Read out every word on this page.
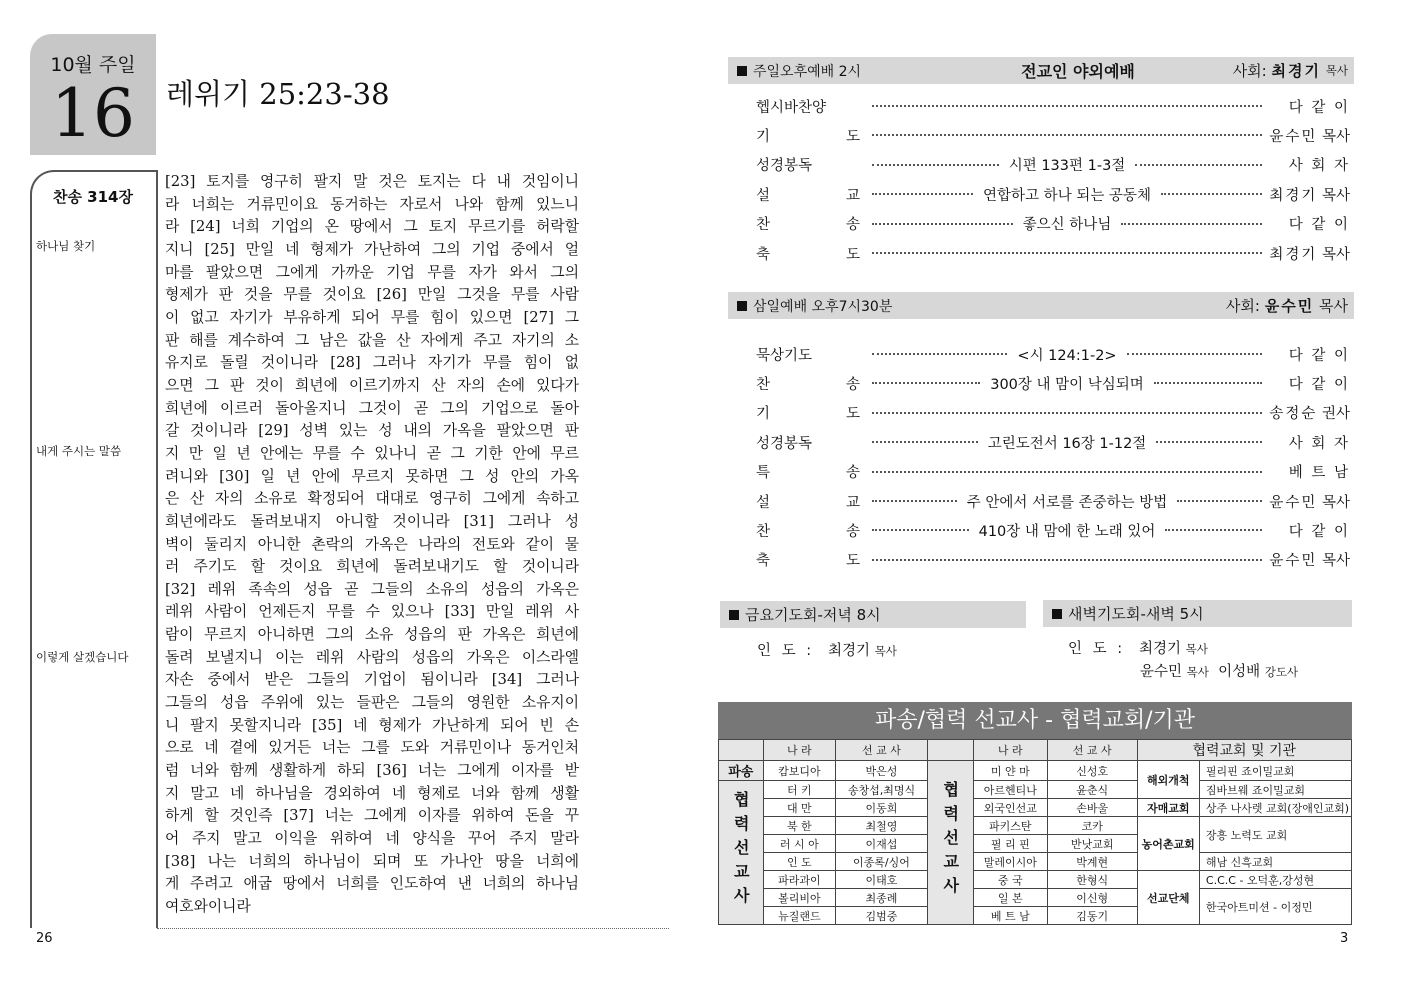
10월 주일
16	레위기 25:23-38
찬송 314장
하나님 찾기
내게 주시는 말씀
이렇게 살겠습니다
[23] 토지를 영구히 팔지 말 것은 토지는 다 내 것임이니
라 너희는 거류민이요 동거하는 자로서 나와 함께 있느니
라 [24] 너희 기업의 온 땅에서 그 토지 무르기를 허락할
지니 [25] 만일 네 형제가 가난하여 그의 기업 중에서 얼
마를 팔았으면 그에게 가까운 기업 무를 자가 와서 그의
형제가 판 것을 무를 것이요 [26] 만일 그것을 무를 사람
이 없고 자기가 부유하게 되어 무를 힘이 있으면 [27] 그
판 해를 계수하여 그 남은 값을 산 자에게 주고 자기의 소
유지로 돌릴 것이니라 [28] 그러나 자기가 무를 힘이 없
으면 그 판 것이 희년에 이르기까지 산 자의 손에 있다가
희년에 이르러 돌아올지니 그것이 곧 그의 기업으로 돌아
갈 것이니라 [29] 성벽 있는 성 내의 가옥을 팔았으면 판
지 만 일 년 안에는 무를 수 있나니 곧 그 기한 안에 무르
려니와 [30] 일 년 안에 무르지 못하면 그 성 안의 가옥
은 산 자의 소유로 확정되어 대대로 영구히 그에게 속하고
희년에라도 돌려보내지 아니할 것이니라 [31] 그러나 성
벽이 둘리지 아니한 촌락의 가옥은 나라의 전토와 같이 물
러 주기도 할 것이요 희년에 돌려보내기도 할 것이니라
[32] 레위 족속의 성읍 곧 그들의 소유의 성읍의 가옥은
레위 사람이 언제든지 무를 수 있으나 [33] 만일 레위 사
람이 무르지 아니하면 그의 소유 성읍의 판 가옥은 희년에
돌려 보낼지니 이는 레위 사람의 성읍의 가옥은 이스라엘
자손 중에서 받은 그들의 기업이 됨이니라 [34] 그러나
그들의 성읍 주위에 있는 들판은 그들의 영원한 소유지이
니 팔지 못할지니라 [35] 네 형제가 가난하게 되어 빈 손
으로 네 곁에 있거든 너는 그를 도와 거류민이나 동거인처
럼 너와 함께 생활하게 하되 [36] 너는 그에게 이자를 받
지 말고 네 하나님을 경외하여 네 형제로 너와 함께 생활
하게 할 것인즉 [37] 너는 그에게 이자를 위하여 돈을 꾸
어 주지 말고 이익을 위하여 네 양식을 꾸어 주지 말라
[38] 나는 너희의 하나님이 되며 또 가나안 땅을 너희에
게 주려고 애굽 땅에서 너희를 인도하여 낸 너희의 하나님
여호와이니라
26
주일오후예배 2시	전교인 야외예배	사회: 최경기 목사
헵시바찬양	다 같 이
기 도	윤수민 목사
성경봉독	시편 133편 1-3절	사 회 자
설 교	연합하고 하나 되는 공동체	최경기 목사
찬 송	좋으신 하나님	다 같 이
축 도	최경기 목사
삼일예배 오후7시30분	사회: 윤수민 목사
묵상기도	<시 124:1-2>	다 같 이
찬 송	300장 내 맘이 낙심되며	다 같 이
기 도	송정순 권사
성경봉독	고린도전서 16장 1-12절	사 회 자
특 송	베 트 남
설 교	주 안에서 서로를 존중하는 방법	윤수민 목사
찬 송	410장 내 맘에 한 노래 있어	다 같 이
축 도	윤수민 목사
금요기도회-저녁 8시
인 도 : 최경기 목사
새벽기도회-새벽 5시
인 도 : 최경기 목사
윤수민 목사 이성배 강도사
파송/협력 선교사 - 협력교회/기관
	나 라	선 교 사		나 라	선 교 사	협력교회 및 기관	
파송	캄보디아	박은성	협력선교사	미 얀 마	신성호	해외개척	필리핀 죠이밀교회
협력선교사	터 키	송창섭,최명식		아르헨티나	윤춘식		짐바브웨 죠이밀교회
	대 만	이동희		외국인선교	손바울	자매교회	상주 나사렛 교회(장애인교회)
	북 한	최철영		파키스탄	코카	농어촌교회	장흥 노력도 교회
	러 시 아	이재섭		필 리 핀	반낫교회		
	인 도	이종록/싱어		말레이시아	박계현		해남 신흑교회
	파라과이	이태호		중 국	한형식	선교단체	C.C.C - 오덕훈,강성현
	볼리비아	최종례		일 본	이신형		한국아트미션 - 이정민
	뉴질랜드	김범중		베 트 남	김동기		
3
